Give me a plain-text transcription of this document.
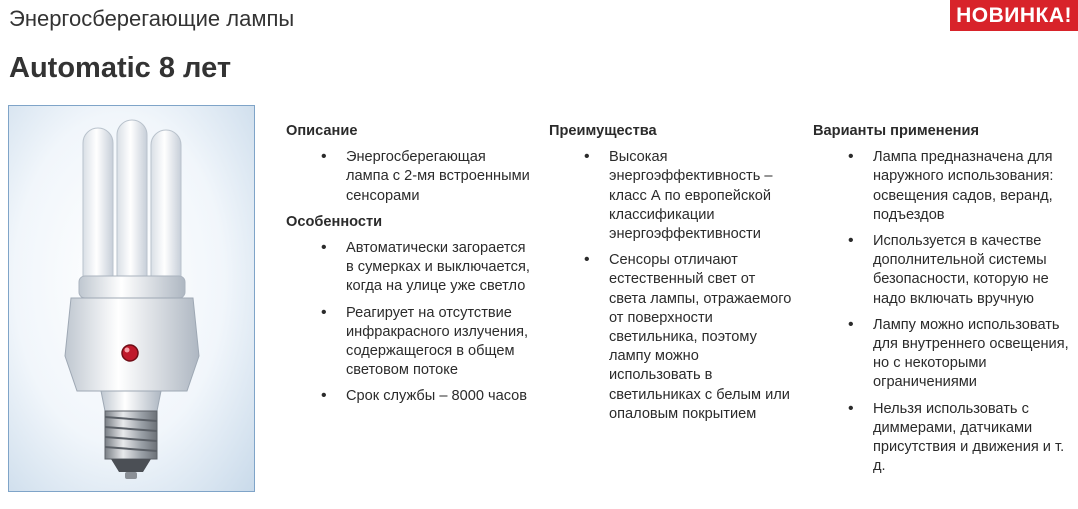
Энергосберегающие лампы
Automatic 8 лет
НОВИНКА!
Описание
• Энергосберегающая лампа с 2-мя встроенными сенсорами
Особенности
• Автоматически загорается в сумерках и выключается, когда на улице уже светло
• Реагирует на отсутствие инфракрасного излучения, содержащегося в общем световом потоке
• Срок службы – 8000 часов
Преимущества
• Высокая энергоэффективность – класс А по европейской классификации энергоэффективности
• Сенсоры отличают естественный свет от света лампы, отражаемого от поверхности светильника, поэтому лампу можно использовать в светильниках с белым или опаловым покрытием
Варианты применения
• Лампа предназначена для наружного использования: освещения садов, веранд, подъездов
• Используется в качестве дополнительной системы безопасности, которую не надо включать вручную
• Лампу можно использовать для внутреннего освещения, но с некоторыми ограничениями
• Нельзя использовать с диммерами, датчиками присутствия и движения и т. д.
